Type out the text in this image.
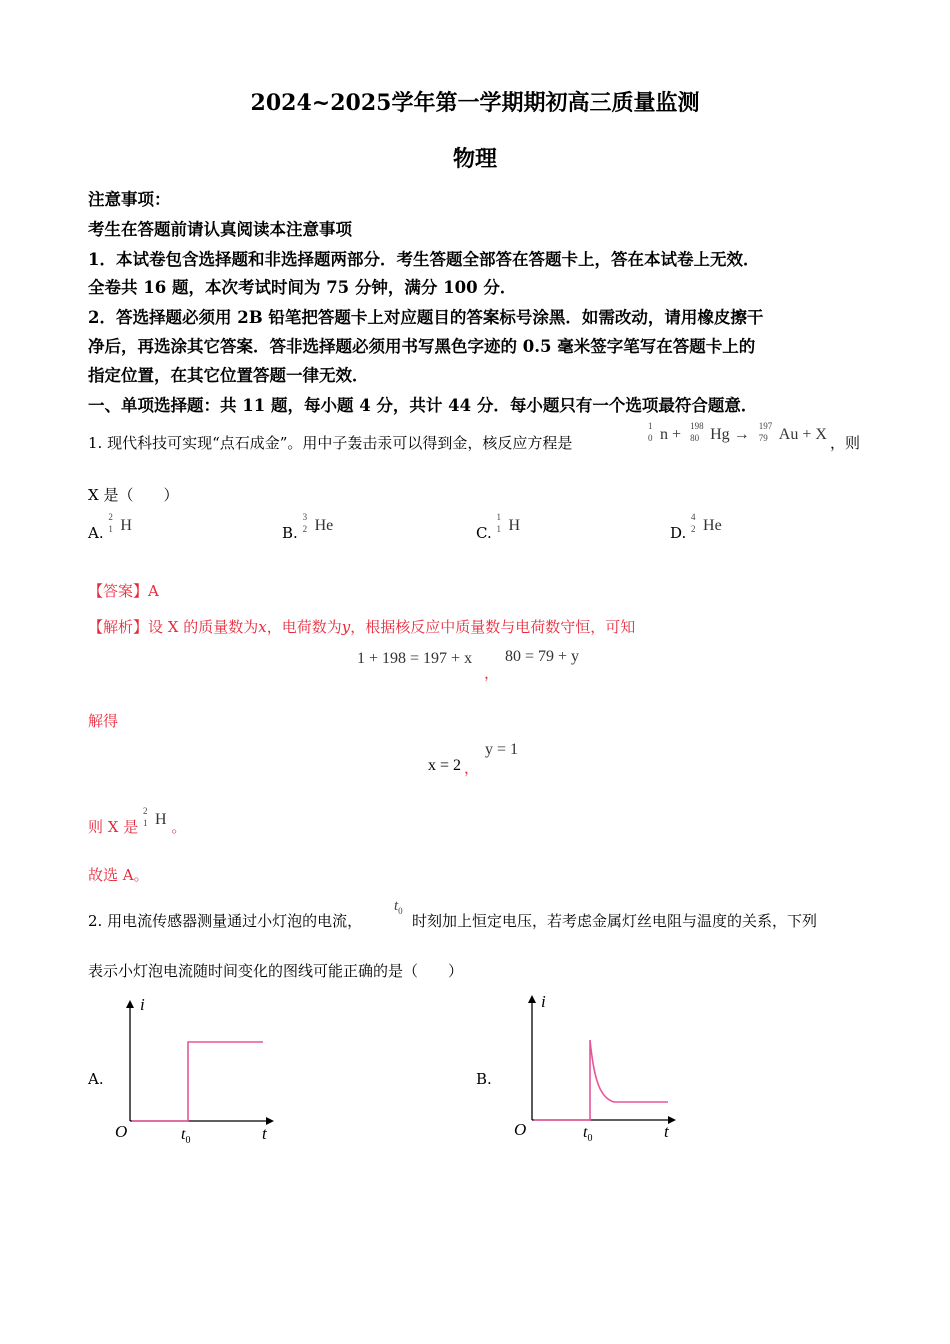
2024~2025学年第一学期期初高三质量监测
物理
注意事项：
考生在答题前请认真阅读本注意事项
1．本试卷包含选择题和非选择题两部分．考生答题全部答在答题卡上，答在本试卷上无效．
全卷共 16 题，本次考试时间为 75 分钟，满分 100 分．
2．答选择题必须用 2B 铅笔把答题卡上对应题目的答案标号涂黑．如需改动，请用橡皮擦干
净后，再选涂其它答案．答非选择题必须用书写黑色字迹的 0.5 毫米签字笔写在答题卡上的
指定位置，在其它位置答题一律无效．
一、单项选择题：共 11 题，每小题 4 分，共计 44 分．每小题只有一个选项最符合题意．
1. 现代科技可实现“点石成金”。用中子轰击汞可以得到金，核反应方程是
1
0 n + 198
80 Hg → 197
79 Au + X ，则
X 是（　　）
A.
2
1 H	B.
3
2 He	C.
1
1 H	D.
4
2 He
【答案】A
【解析】设 X 的质量数为x，电荷数为y，根据核反应中质量数与电荷数守恒，可知
1 + 198 = 197 + x
，
80 = 79 + y
解得
x = 2 ，
y = 1
则 X 是
2
1 H 。
故选 A。
2. 用电流传感器测量通过小灯泡的电流，
$t_0$
时刻加上恒定电压，若考虑金属灯丝电阻与温度的关系，下列
表示小灯泡电流随时间变化的图线可能正确的是（　　）
A.
i
O	$t_0$	t
B.
i
O	$t_0$	t
